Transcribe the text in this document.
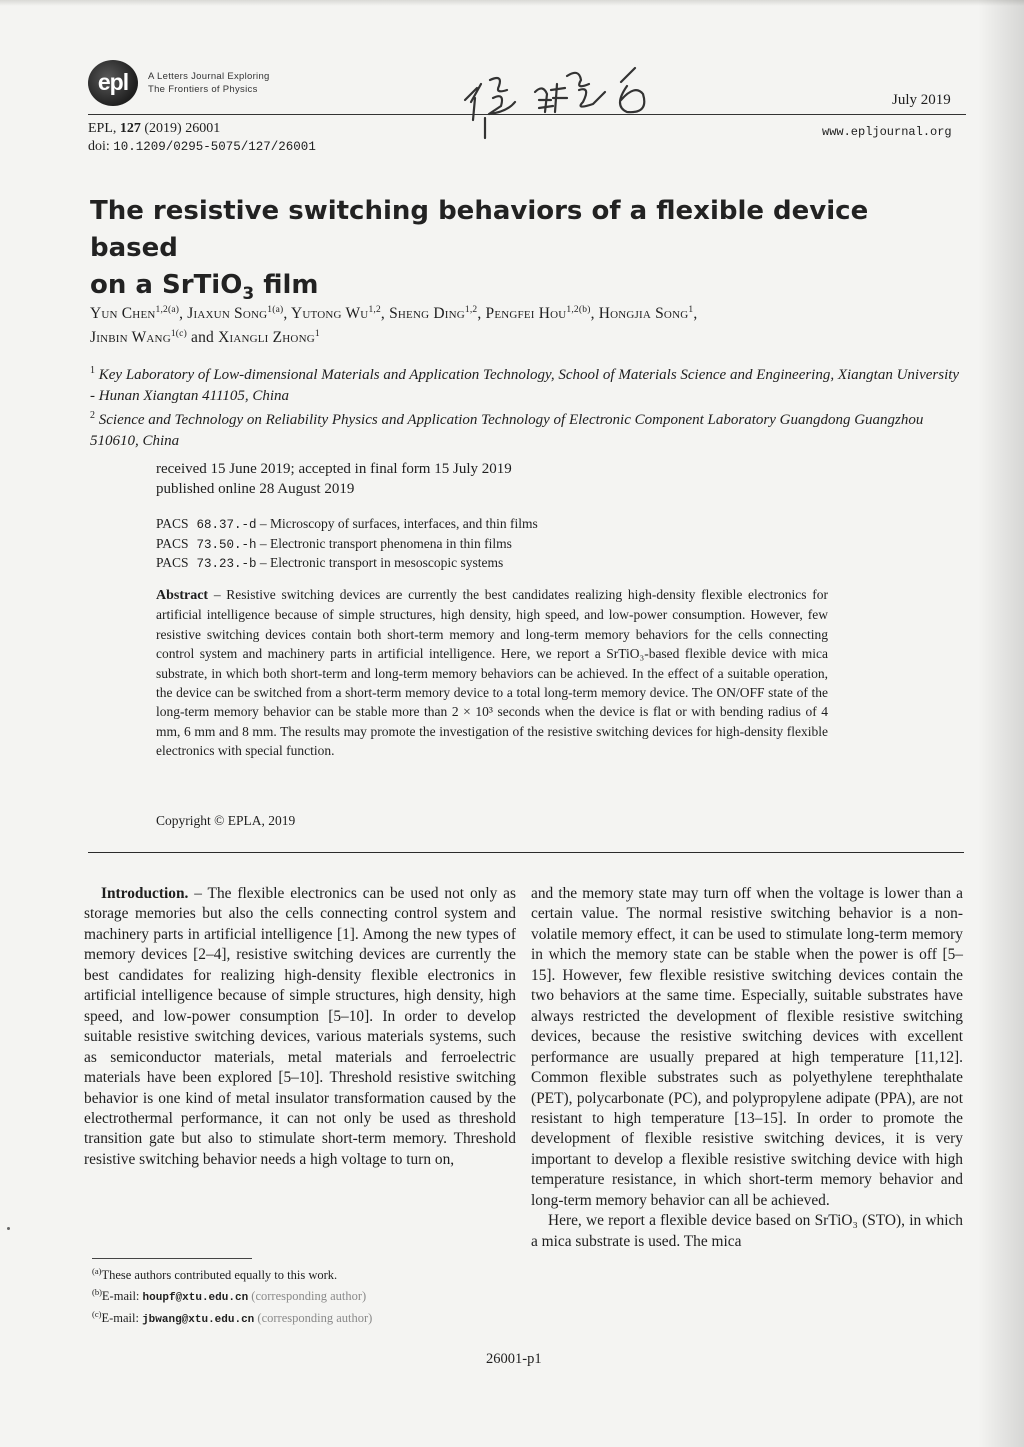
epl	A Letters Journal Exploring
The Frontiers of Physics
July 2019
EPL, 127 (2019) 26001
doi: 10.1209/0295-5075/127/26001
www.epljournal.org
The resistive switching behaviors of a flexible device based
on a SrTiO$_3$ film
Yun Chen$^{1,2(a)}$, Jiaxun Song$^{1(a)}$, Yutong Wu$^{1,2}$, Sheng Ding$^{1,2}$, Pengfei Hou$^{1,2(b)}$, Hongjia Song$^1$,
Jinbin Wang$^{1(c)}$ and Xiangli Zhong$^1$
$^1$ Key Laboratory of Low-dimensional Materials and Application Technology, School of Materials Science and Engineering, Xiangtan University - Hunan Xiangtan 411105, China
$^2$ Science and Technology on Reliability Physics and Application Technology of Electronic Component Laboratory Guangdong Guangzhou 510610, China
received 15 June 2019; accepted in final form 15 July 2019
published online 28 August 2019
PACS 68.37.-d – Microscopy of surfaces, interfaces, and thin films
PACS 73.50.-h – Electronic transport phenomena in thin films
PACS 73.23.-b – Electronic transport in mesoscopic systems
Abstract – Resistive switching devices are currently the best candidates realizing high-density flexible electronics for artificial intelligence because of simple structures, high density, high speed, and low-power consumption. However, few resistive switching devices contain both short-term memory and long-term memory behaviors for the cells connecting control system and machinery parts in artificial intelligence. Here, we report a SrTiO₃-based flexible device with mica substrate, in which both short-term and long-term memory behaviors can be achieved. In the effect of a suitable operation, the device can be switched from a short-term memory device to a total long-term memory device. The ON/OFF state of the long-term memory behavior can be stable more than 2 × 10³ seconds when the device is flat or with bending radius of 4 mm, 6 mm and 8 mm. The results may promote the investigation of the resistive switching devices for high-density flexible electronics with special function.
Copyright © EPLA, 2019

Introduction. – The flexible electronics can be used not only as storage memories but also the cells connecting control system and machinery parts in artificial intelligence [1]. Among the new types of memory devices [2–4], resistive switching devices are currently the best candidates for realizing high-density flexible electronics in artificial intelligence because of simple structures, high density, high speed, and low-power consumption [5–10]. In order to develop suitable resistive switching devices, various materials systems, such as semiconductor materials, metal materials and ferroelectric materials have been explored [5–10]. Threshold resistive switching behavior is one kind of metal insulator transformation caused by the electrothermal performance, it can not only be used as threshold transition gate but also to stimulate short-term memory. Threshold resistive switching behavior needs a high voltage to turn on,

and the memory state may turn off when the voltage is lower than a certain value. The normal resistive switching behavior is a non-volatile memory effect, it can be used to stimulate long-term memory in which the memory state can be stable when the power is off [5–15]. However, few flexible resistive switching devices contain the two behaviors at the same time. Especially, suitable substrates have always restricted the development of flexible resistive switching devices, because the resistive switching devices with excellent performance are usually prepared at high temperature [11,12]. Common flexible substrates such as polyethylene terephthalate (PET), polycarbonate (PC), and polypropylene adipate (PPA), are not resistant to high temperature [13–15]. In order to promote the development of flexible resistive switching devices, it is very important to develop a flexible resistive switching device with high temperature resistance, in which short-term memory behavior and long-term memory behavior can all be achieved.

Here, we report a flexible device based on SrTiO₃ (STO), in which a mica substrate is used. The mica

$^{(a)}$These authors contributed equally to this work.
$^{(b)}$E-mail: houpf@xtu.edu.cn (corresponding author)
$^{(c)}$E-mail: jbwang@xtu.edu.cn (corresponding author)
26001-p1
